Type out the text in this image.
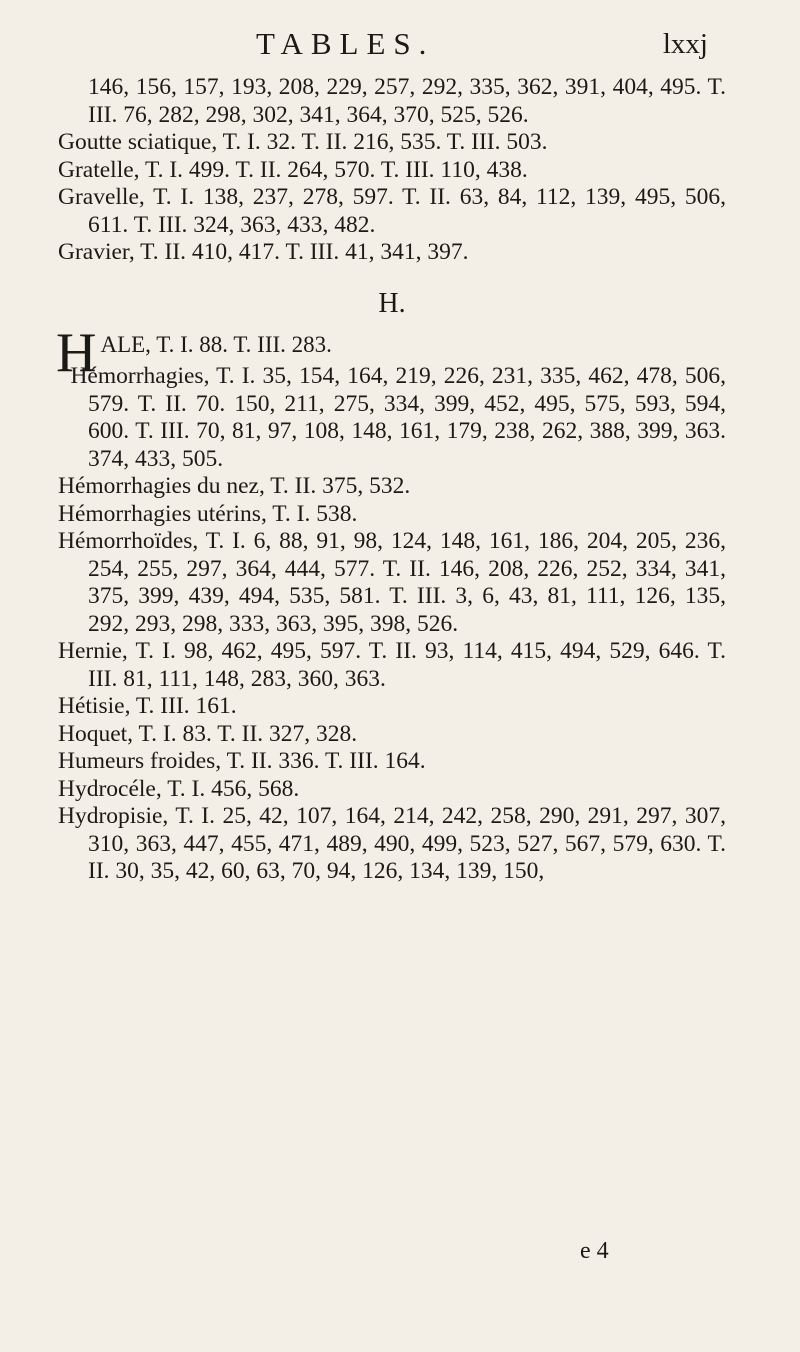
TABLES.	lxxj

146, 156, 157, 193, 208, 229, 257, 292, 335, 362, 391, 404, 495. T. III. 76, 282, 298, 302, 341, 364, 370, 525, 526.

Goutte sciatique, T. I. 32. T. II. 216, 535. T. III. 503.

Gratelle, T. I. 499. T. II. 264, 570. T. III. 110, 438.

Gravelle, T. I. 138, 237, 278, 597. T. II. 63, 84, 112, 139, 495, 506, 611. T. III. 324, 363, 433, 482.

Gravier, T. II. 410, 417. T. III. 41, 341, 397.

H.

H ALE, T. I. 88. T. III. 283.

Hémorrhagies, T. I. 35, 154, 164, 219, 226, 231, 335, 462, 478, 506, 579. T. II. 70. 150, 211, 275, 334, 399, 452, 495, 575, 593, 594, 600. T. III. 70, 81, 97, 108, 148, 161, 179, 238, 262, 388, 399, 363. 374, 433, 505.

Hémorrhagies du nez, T. II. 375, 532.

Hémorrhagies utérins, T. I. 538.

Hémorrhoïdes, T. I. 6, 88, 91, 98, 124, 148, 161, 186, 204, 205, 236, 254, 255, 297, 364, 444, 577. T. II. 146, 208, 226, 252, 334, 341, 375, 399, 439, 494, 535, 581. T. III. 3, 6, 43, 81, 111, 126, 135, 292, 293, 298, 333, 363, 395, 398, 526.

Hernie, T. I. 98, 462, 495, 597. T. II. 93, 114, 415, 494, 529, 646. T. III. 81, 111, 148, 283, 360, 363.

Hétisie, T. III. 161.

Hoquet, T. I. 83. T. II. 327, 328.

Humeurs froides, T. II. 336. T. III. 164.

Hydrocéle, T. I. 456, 568.

Hydropisie, T. I. 25, 42, 107, 164, 214, 242, 258, 290, 291, 297, 307, 310, 363, 447, 455, 471, 489, 490, 499, 523, 527, 567, 579, 630. T. II. 30, 35, 42, 60, 63, 70, 94, 126, 134, 139, 150,

e 4
